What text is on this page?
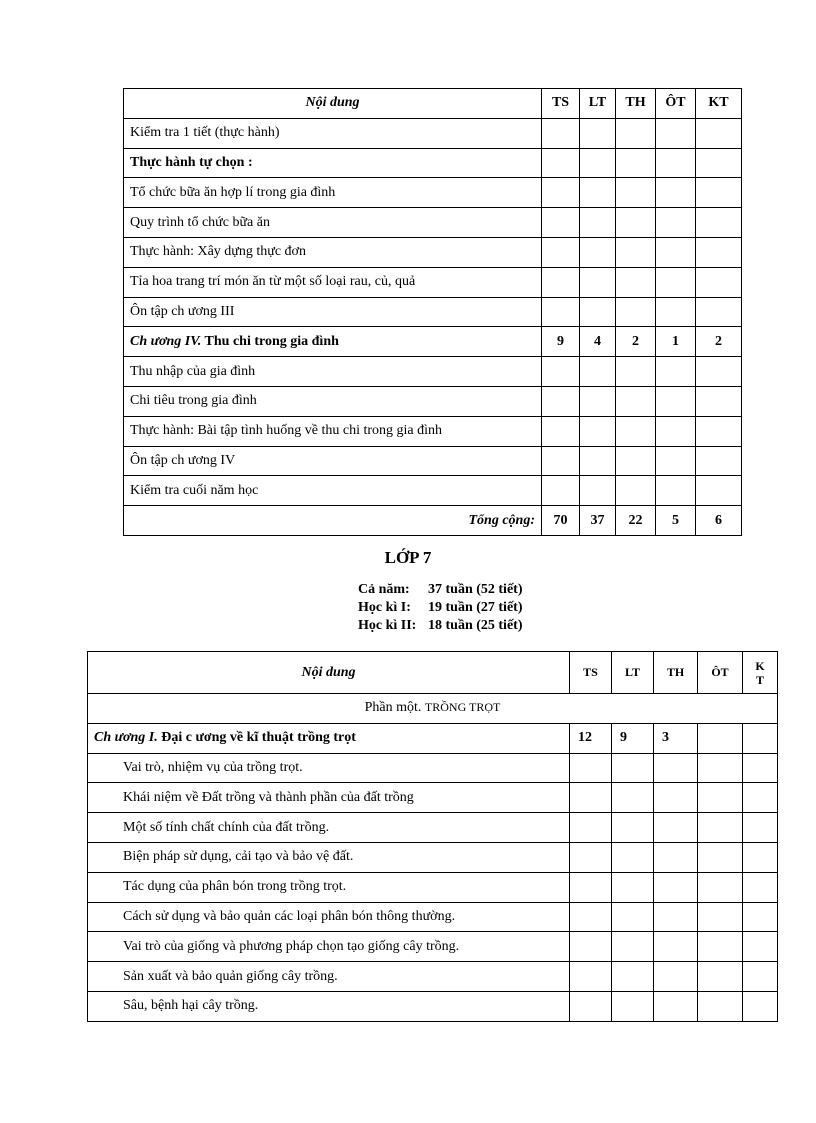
Nội dung	TS	LT	TH	ÔT	KT
Kiểm tra 1 tiết (thực hành)					
Thực hành tự chọn :					
Tổ chức bữa ăn hợp lí trong gia đình					
Quy trình tổ chức bữa ăn					
Thực hành: Xây dựng thực đơn					
Tỉa hoa trang trí món ăn từ một số loại rau, củ, quả					
Ôn tập ch ương III					
Ch ương IV. Thu chi trong gia đình	9	4	2	1	2
Thu nhập của gia đình					
Chi tiêu trong gia đình					
Thực hành: Bài tập tình huống về thu chi trong gia đình					
Ôn tập ch ương IV					
Kiểm tra cuối năm học					
Tổng cộng:	70	37	22	5	6
LỚP 7
Cả năm: 37 tuần (52 tiết)
Học kì I: 19 tuần (27 tiết)
Học kì II: 18 tuần (25 tiết)
Nội dung	TS	LT	TH	ÔT	K
T
Phần một. TRỒNG TRỌT					
Ch ương I. Đại c ương về kĩ thuật trồng trọt	12	9	3		
Vai trò, nhiệm vụ của trồng trọt.					
Khái niệm về Đất trồng và thành phần của đất trồng					
Một số tính chất chính của đất trồng.					
Biện pháp sử dụng, cải tạo và bảo vệ đất.					
Tác dụng của phân bón trong trồng trọt.					
Cách sử dụng và bảo quản các loại phân bón thông thường.					
Vai trò của giống và phương pháp chọn tạo giống cây trồng.					
Sản xuất và bảo quản giống cây trồng.					
Sâu, bệnh hại cây trồng.					
